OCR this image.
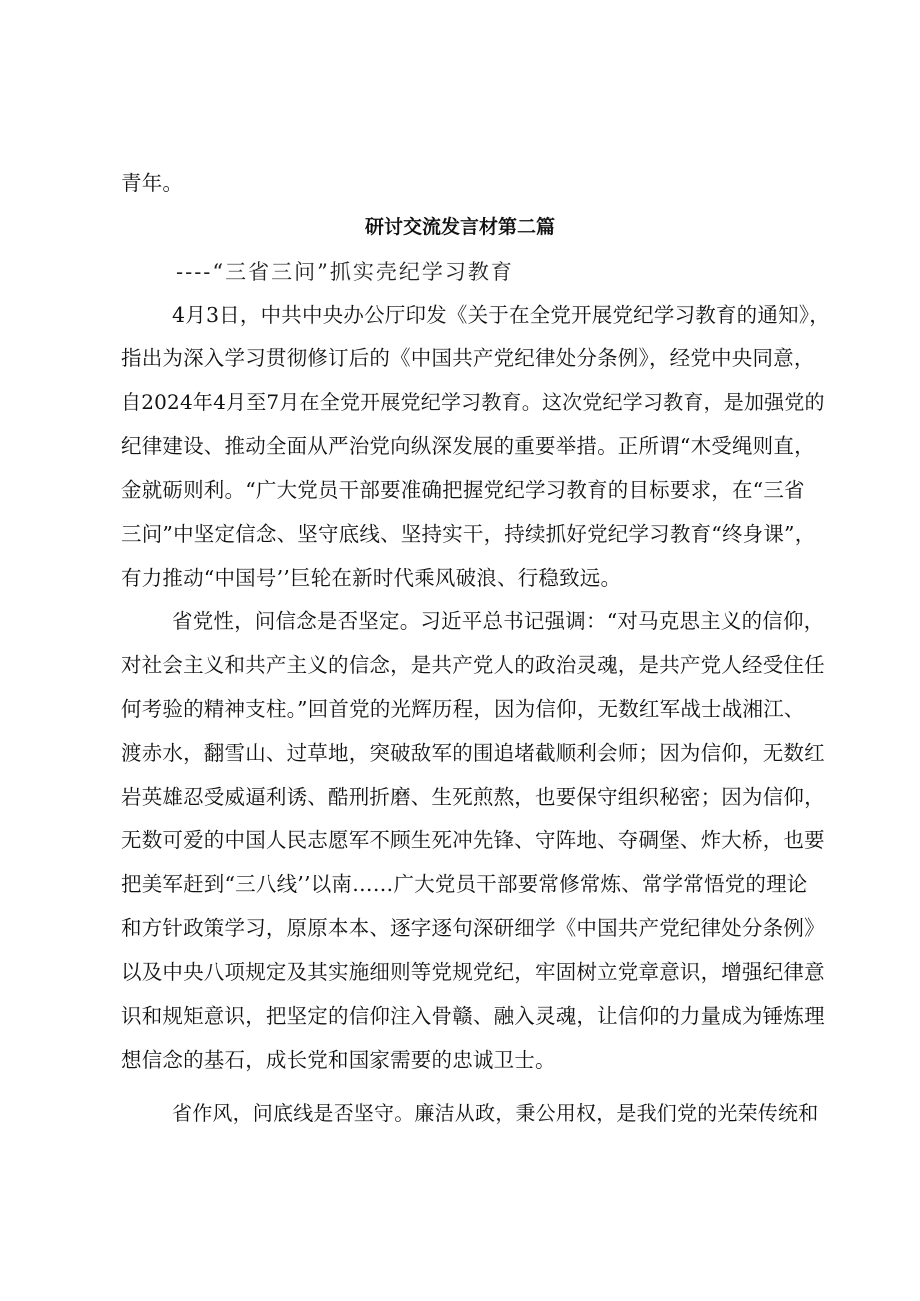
青年。
研讨交流发言材第二篇
----“三省三问”抓实壳纪学习教育
4月3日，中共中央办公厅印发《关于在全党开展党纪学习教育的通知》，
指出为深入学习贯彻修订后的《中国共产党纪律处分条例》，经党中央同意，
自2024年4月至7月在全党开展党纪学习教育。这次党纪学习教育，是加强党的
纪律建设、推动全面从严治党向纵深发展的重要举措。正所谓“木受绳则直，
金就砺则利。“广大党员干部要准确把握党纪学习教育的目标要求，在“三省
三问”中坚定信念、坚守底线、坚持实干，持续抓好党纪学习教育“终身课”，
有力推动“中国号’’巨轮在新时代乘风破浪、行稳致远。
省党性，问信念是否坚定。习近平总书记强调：“对马克思主义的信仰，
对社会主义和共产主义的信念，是共产党人的政治灵魂，是共产党人经受住任
何考验的精神支柱。”回首党的光辉历程，因为信仰，无数红军战士战湘江、
渡赤水，翻雪山、过草地，突破敌军的围追堵截顺利会师；因为信仰，无数红
岩英雄忍受威逼利诱、酷刑折磨、生死煎熬，也要保守组织秘密；因为信仰，
无数可爱的中国人民志愿军不顾生死冲先锋、守阵地、夺碉堡、炸大桥，也要
把美军赶到“三八线’’以南……广大党员干部要常修常炼、常学常悟党的理论
和方针政策学习，原原本本、逐字逐句深研细学《中国共产党纪律处分条例》
以及中央八项规定及其实施细则等党规党纪，牢固树立党章意识，增强纪律意
识和规矩意识，把坚定的信仰注入骨赣、融入灵魂，让信仰的力量成为锤炼理
想信念的基石，成长党和国家需要的忠诚卫士。
省作风，问底线是否坚守。廉洁从政，秉公用权，是我们党的光荣传统和
